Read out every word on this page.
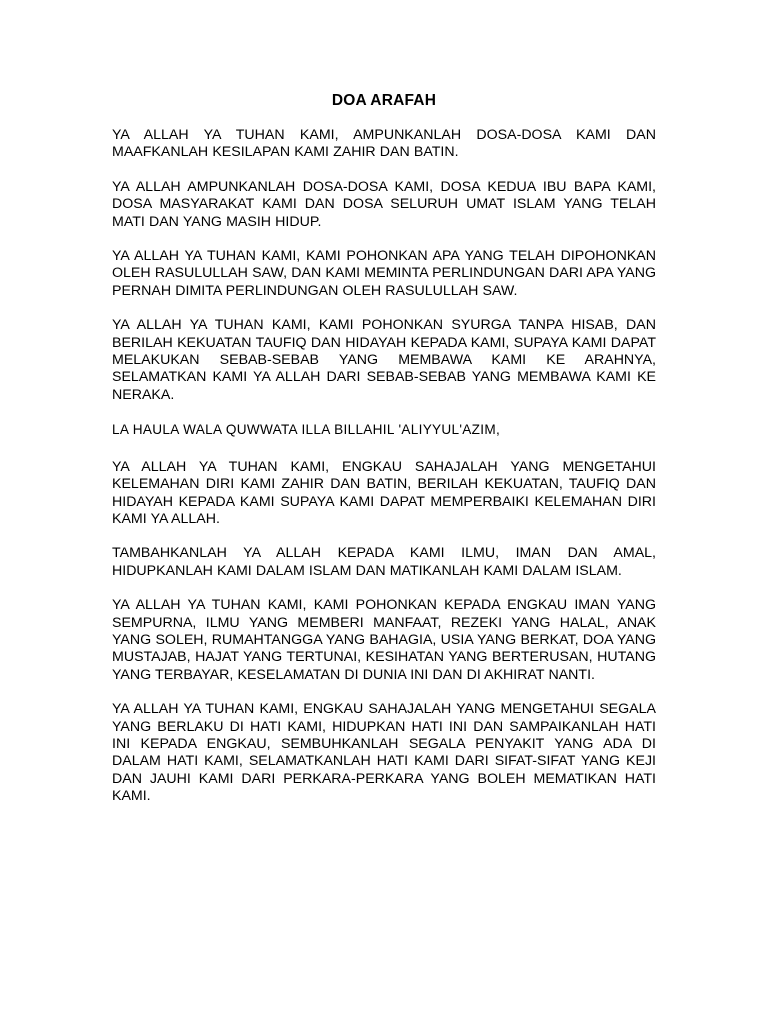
DOA ARAFAH

YA ALLAH YA TUHAN KAMI, AMPUNKANLAH DOSA-DOSA KAMI DAN MAAFKANLAH KESILAPAN KAMI ZAHIR DAN BATIN.

YA ALLAH AMPUNKANLAH DOSA-DOSA KAMI, DOSA KEDUA IBU BAPA KAMI, DOSA MASYARAKAT KAMI DAN DOSA SELURUH UMAT ISLAM YANG TELAH MATI DAN YANG MASIH HIDUP.

YA ALLAH YA TUHAN KAMI, KAMI POHONKAN APA YANG TELAH DIPOHONKAN OLEH RASULULLAH SAW, DAN KAMI MEMINTA PERLINDUNGAN DARI APA YANG PERNAH DIMITA PERLINDUNGAN OLEH RASULULLAH SAW.

YA ALLAH YA TUHAN KAMI, KAMI POHONKAN SYURGA TANPA HISAB, DAN BERILAH KEKUATAN TAUFIQ DAN HIDAYAH KEPADA KAMI, SUPAYA KAMI DAPAT MELAKUKAN SEBAB-SEBAB YANG MEMBAWA KAMI KE ARAHNYA, SELAMATKAN KAMI YA ALLAH DARI SEBAB-SEBAB YANG MEMBAWA KAMI KE NERAKA.

LA HAULA WALA QUWWATA ILLA BILLAHIL 'ALIYYUL'AZIM,

YA ALLAH YA TUHAN KAMI, ENGKAU SAHAJALAH YANG MENGETAHUI KELEMAHAN DIRI KAMI ZAHIR DAN BATIN, BERILAH KEKUATAN, TAUFIQ DAN HIDAYAH KEPADA KAMI SUPAYA KAMI DAPAT MEMPERBAIKI KELEMAHAN DIRI KAMI YA ALLAH.

TAMBAHKANLAH YA ALLAH KEPADA KAMI ILMU, IMAN DAN AMAL, HIDUPKANLAH KAMI DALAM ISLAM DAN MATIKANLAH KAMI DALAM ISLAM.

YA ALLAH YA TUHAN KAMI, KAMI POHONKAN KEPADA ENGKAU IMAN YANG SEMPURNA, ILMU YANG MEMBERI MANFAAT, REZEKI YANG HALAL, ANAK YANG SOLEH, RUMAHTANGGA YANG BAHAGIA, USIA YANG BERKAT, DOA YANG MUSTAJAB, HAJAT YANG TERTUNAI, KESIHATAN YANG BERTERUSAN, HUTANG YANG TERBAYAR, KESELAMATAN DI DUNIA INI DAN DI AKHIRAT NANTI.

YA ALLAH YA TUHAN KAMI, ENGKAU SAHAJALAH YANG MENGETAHUI SEGALA YANG BERLAKU DI HATI KAMI, HIDUPKAN HATI INI DAN SAMPAIKANLAH HATI INI KEPADA ENGKAU, SEMBUHKANLAH SEGALA PENYAKIT YANG ADA DI DALAM HATI KAMI, SELAMATKANLAH HATI KAMI DARI SIFAT-SIFAT YANG KEJI DAN JAUHI KAMI DARI PERKARA-PERKARA YANG BOLEH MEMATIKAN HATI KAMI.
